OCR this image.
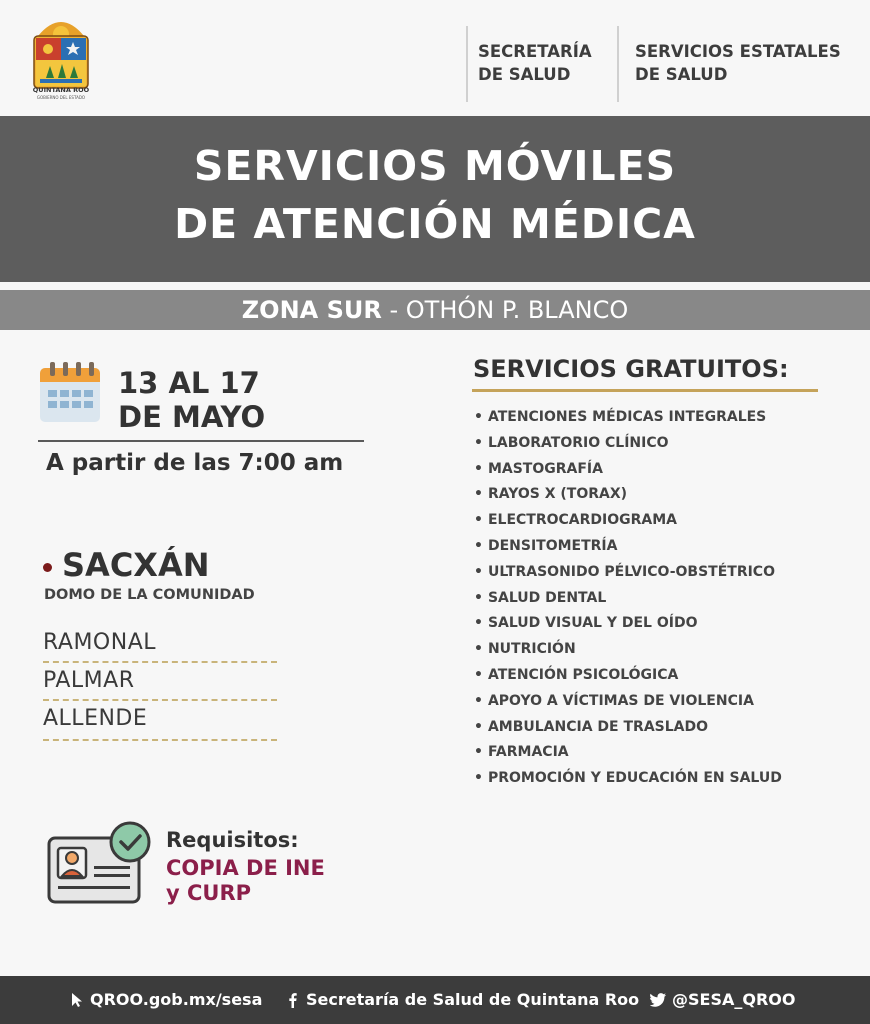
QUINTANA ROO
GOBIERNO DEL ESTADO
SECRETARÍA
DE SALUD
SERVICIOS ESTATALES
DE SALUD
SERVICIOS MÓVILES
DE ATENCIÓN MÉDICA
ZONA SUR - OTHÓN P. BLANCO
13 AL 17
DE MAYO
A partir de las 7:00 am
SACXÁN
DOMO DE LA COMUNIDAD
RAMONAL
PALMAR
ALLENDE
Requisitos:
COPIA DE INE
y CURP
SERVICIOS GRATUITOS:
• ATENCIONES MÉDICAS INTEGRALES
• LABORATORIO CLÍNICO
• MASTOGRAFÍA
• RAYOS X (TORAX)
• ELECTROCARDIOGRAMA
• DENSITOMETRÍA
• ULTRASONIDO PÉLVICO-OBSTÉTRICO
• SALUD DENTAL
• SALUD VISUAL Y DEL OÍDO
• NUTRICIÓN
• ATENCIÓN PSICOLÓGICA
• APOYO A VÍCTIMAS DE VIOLENCIA
• AMBULANCIA DE TRASLADO
• FARMACIA
• PROMOCIÓN Y EDUCACIÓN EN SALUD
QROO.gob.mx/sesa	Secretaría de Salud de Quintana Roo @SESA_QROO
